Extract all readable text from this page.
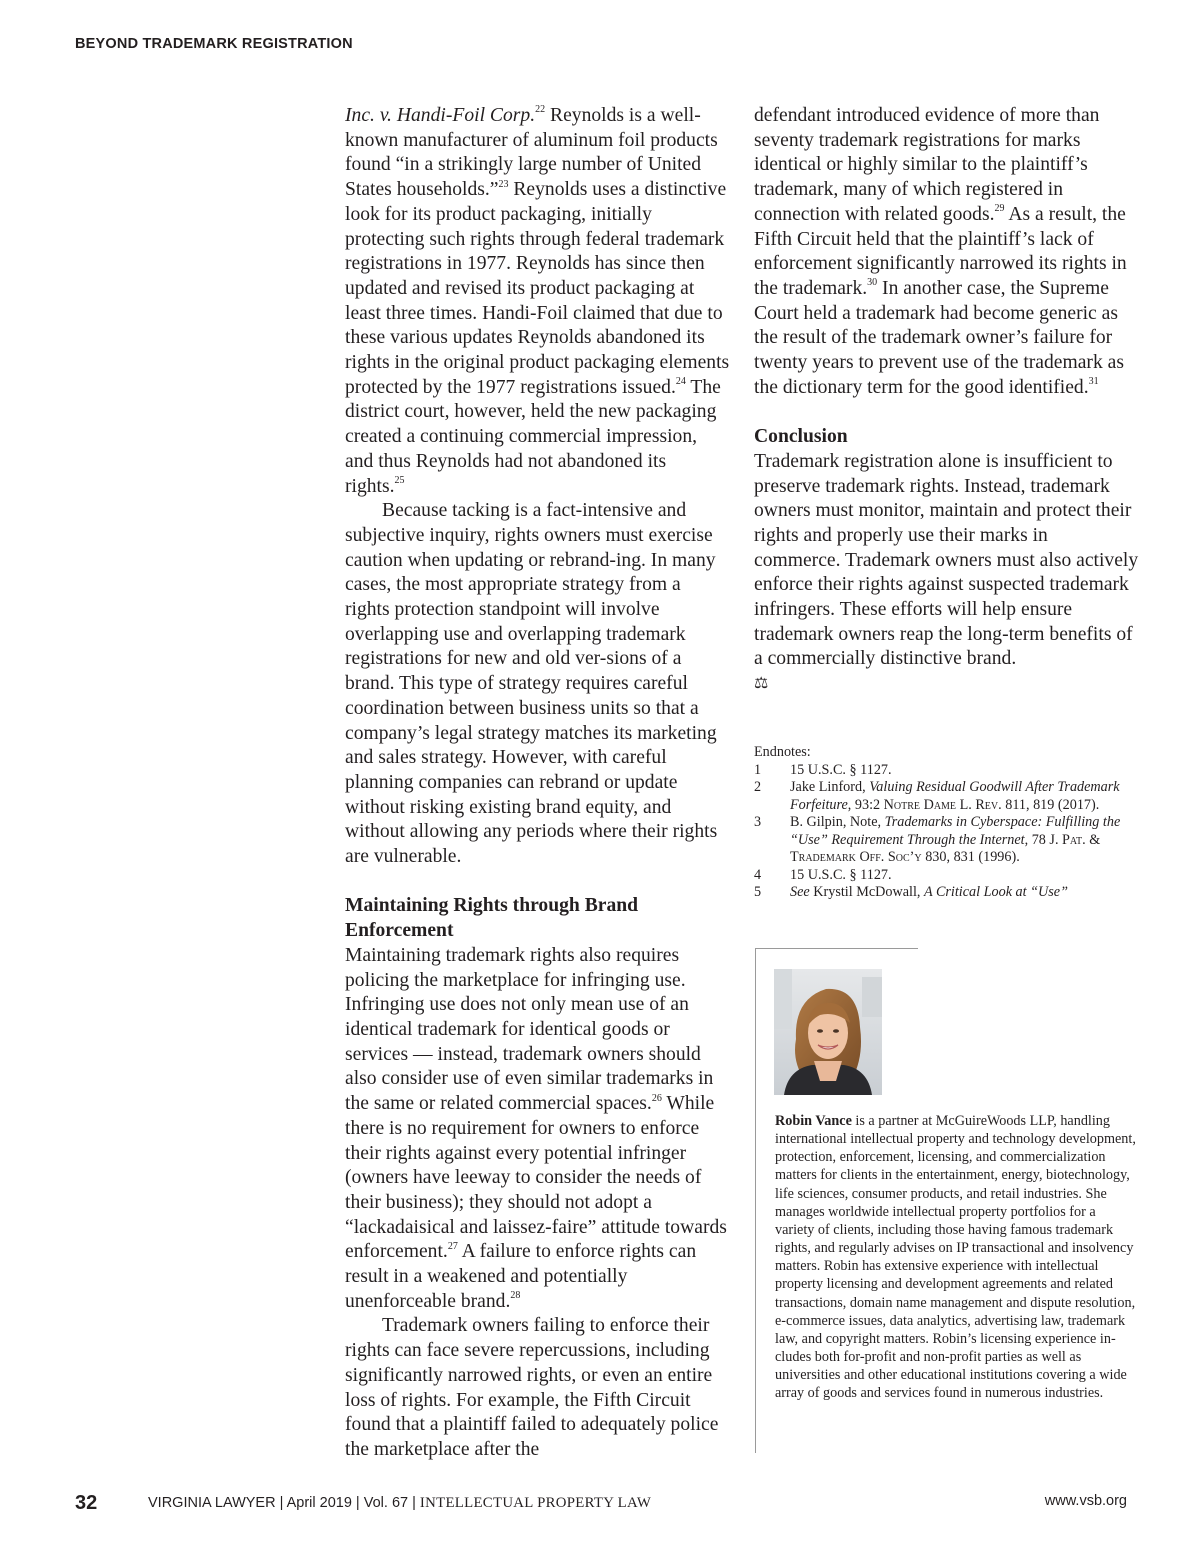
BEYOND TRADEMARK REGISTRATION

Inc. v. Handi-Foil Corp.$^{22}$ Reynolds is a well-known manufacturer of aluminum foil products found “in a strikingly large number of United States households.”$^{23}$ Reynolds uses a distinctive look for its product packaging, initially protecting such rights through federal trademark registrations in 1977. Reynolds has since then updated and revised its product packaging at least three times. Handi-Foil claimed that due to these various updates Reynolds abandoned its rights in the original product packaging elements protected by the 1977 registrations issued.$^{24}$ The district court, however, held the new packaging created a continuing commercial impression, and thus Reynolds had not abandoned its rights.$^{25}$

Because tacking is a fact-intensive and subjective inquiry, rights owners must exercise caution when updating or rebrand-ing. In many cases, the most appropriate strategy from a rights protection standpoint will involve overlapping use and overlapping trademark registrations for new and old ver-sions of a brand. This type of strategy requires careful coordination between business units so that a company’s legal strategy matches its marketing and sales strategy. However, with careful planning companies can rebrand or update without risking existing brand equity, and without allowing any periods where their rights are vulnerable.

Maintaining Rights through Brand Enforcement

Maintaining trademark rights also requires policing the marketplace for infringing use. Infringing use does not only mean use of an identical trademark for identical goods or services — instead, trademark owners should also consider use of even similar trademarks in the same or related commercial spaces.$^{26}$ While there is no requirement for owners to enforce their rights against every potential infringer (owners have leeway to consider the needs of their business); they should not adopt a “lackadaisical and laissez-faire” attitude towards enforcement.$^{27}$ A failure to enforce rights can result in a weakened and potentially unenforceable brand.$^{28}$

Trademark owners failing to enforce their rights can face severe repercussions, including significantly narrowed rights, or even an entire loss of rights. For example, the Fifth Circuit found that a plaintiff failed to adequately police the marketplace after the

defendant introduced evidence of more than seventy trademark registrations for marks identical or highly similar to the plaintiff’s trademark, many of which registered in connection with related goods.$^{29}$ As a result, the Fifth Circuit held that the plaintiff’s lack of enforcement significantly narrowed its rights in the trademark.$^{30}$ In another case, the Supreme Court held a trademark had become generic as the result of the trademark owner’s failure for twenty years to prevent use of the trademark as the dictionary term for the good identified.$^{31}$

Conclusion

Trademark registration alone is insufficient to preserve trademark rights. Instead, trademark owners must monitor, maintain and protect their rights and properly use their marks in commerce. Trademark owners must also actively enforce their rights against suspected trademark infringers. These efforts will help ensure trademark owners reap the long-term benefits of a commercially distinctive brand.

⚖

Endnotes:

1 15 U.S.C. § 1127.
2 Jake Linford, Valuing Residual Goodwill After Trademark Forfeiture, 93:2 Notre Dame L. Rev. 811, 819 (2017).
3 B. Gilpin, Note, Trademarks in Cyberspace: Fulfilling the “Use” Requirement Through the Internet, 78 J. Pat. & Trademark Off. Soc’y 830, 831 (1996).
4 15 U.S.C. § 1127.
5 See Krystil McDowall, A Critical Look at “Use”

Robin Vance is a partner at McGuireWoods LLP, handling international intellectual property and technology development, protection, enforcement, licensing, and commercialization matters for clients in the entertainment, energy, biotechnology, life sciences, consumer products, and retail industries. She manages worldwide intellectual property portfolios for a variety of clients, including those having famous trademark rights, and regularly advises on IP transactional and insolvency matters. Robin has extensive experience with intellectual property licensing and development agreements and related transactions, domain name management and dispute resolution, e-commerce issues, data analytics, advertising law, trademark law, and copyright matters. Robin’s licensing experience in-cludes both for-profit and non-profit parties as well as universities and other educational institutions covering a wide array of goods and services found in numerous industries.

32	VIRGINIA LAWYER | April 2019 | Vol. 67 | INTELLECTUAL PROPERTY LAW	www.vsb.org
